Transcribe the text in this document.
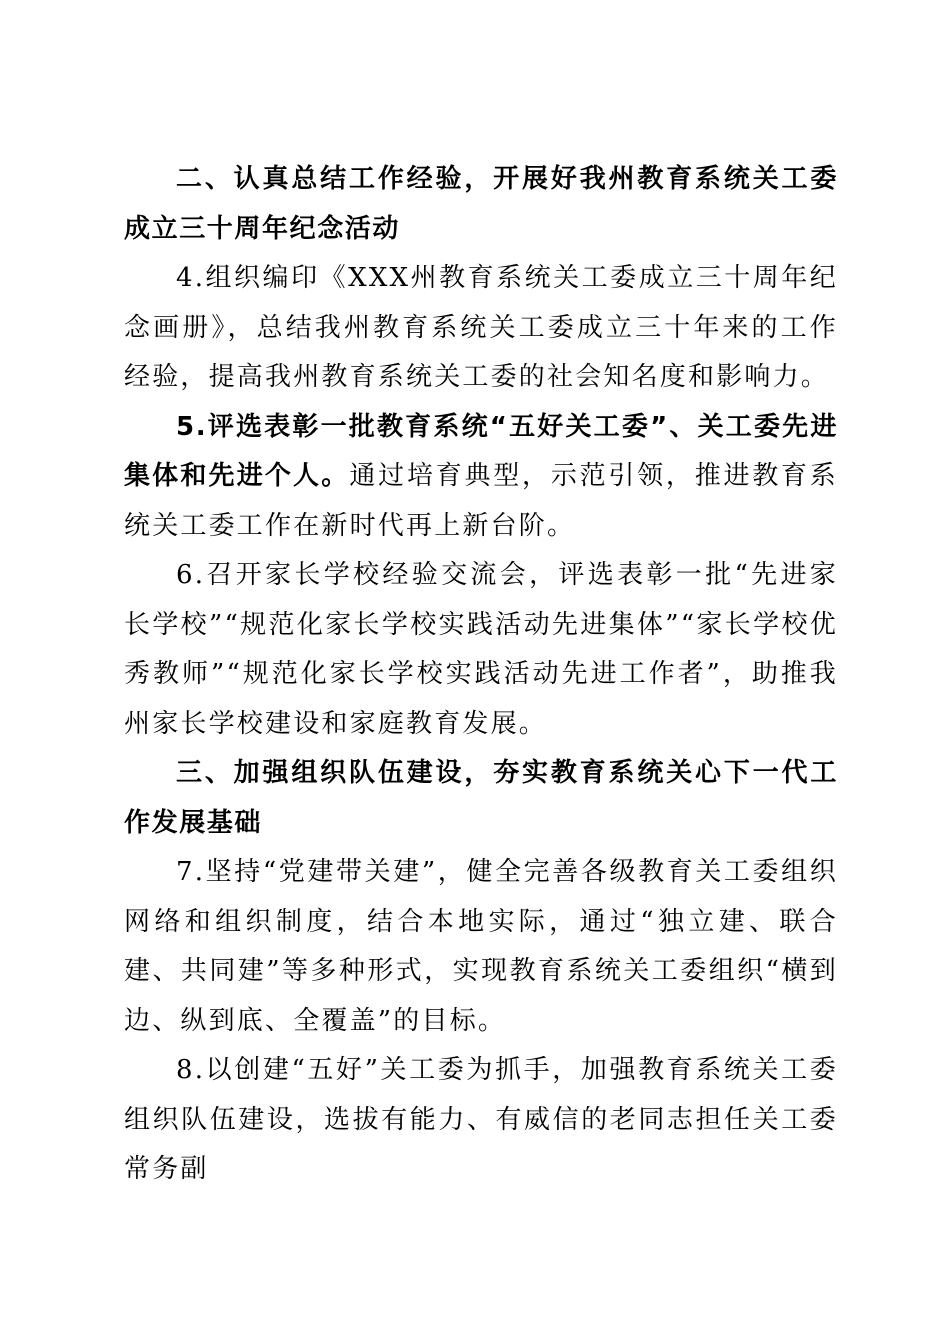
二、认真总结工作经验，开展好我州教育系统关工委成立三十周年纪念活动

4.组织编印《XXX州教育系统关工委成立三十周年纪念画册》，总结我州教育系统关工委成立三十年来的工作经验，提高我州教育系统关工委的社会知名度和影响力。

5.评选表彰一批教育系统“五好关工委”、关工委先进集体和先进个人。通过培育典型，示范引领，推进教育系统关工委工作在新时代再上新台阶。

6.召开家长学校经验交流会，评选表彰一批“先进家长学校”“规范化家长学校实践活动先进集体”“家长学校优秀教师”“规范化家长学校实践活动先进工作者”，助推我州家长学校建设和家庭教育发展。

三、加强组织队伍建设，夯实教育系统关心下一代工作发展基础

7.坚持“党建带关建”，健全完善各级教育关工委组织网络和组织制度，结合本地实际，通过“独立建、联合建、共同建”等多种形式，实现教育系统关工委组织“横到边、纵到底、全覆盖”的目标。

8.以创建“五好”关工委为抓手，加强教育系统关工委组织队伍建设，选拔有能力、有威信的老同志担任关工委常务副
